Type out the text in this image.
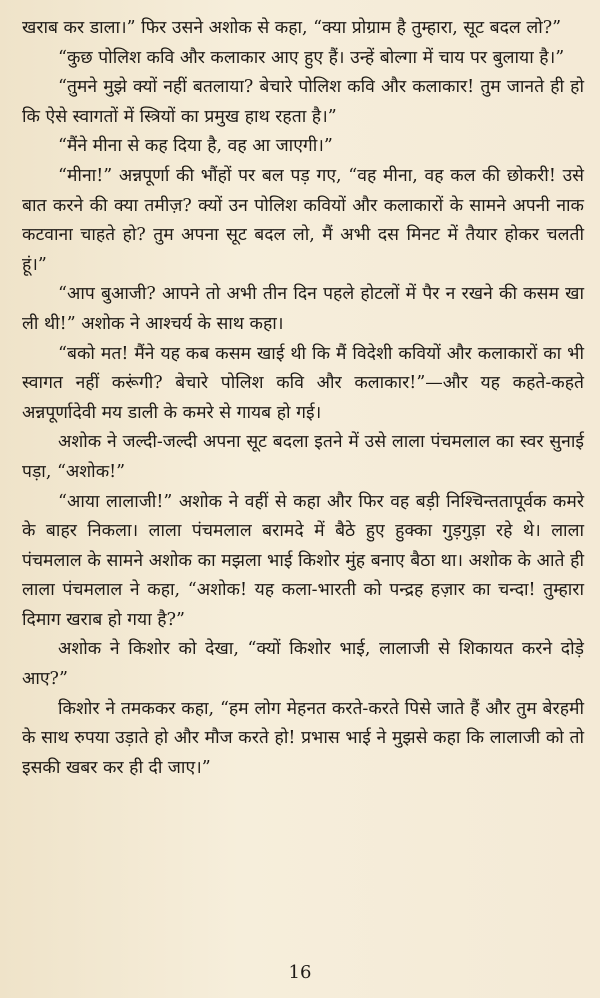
खराब कर डाला।” फिर उसने अशोक से कहा, “क्या प्रोग्राम है तुम्हारा, सूट बदल लो?”

“कुछ पोलिश कवि और कलाकार आए हुए हैं। उन्हें बोल्गा में चाय पर बुलाया है।”

“तुमने मुझे क्यों नहीं बतलाया? बेचारे पोलिश कवि और कलाकार! तुम जानते ही हो कि ऐसे स्वागतों में स्त्रियों का प्रमुख हाथ रहता है।”

“मैंने मीना से कह दिया है, वह आ जाएगी।”

“मीना!” अन्नपूर्णा की भौंहों पर बल पड़ गए, “वह मीना, वह कल की छोकरी! उसे बात करने की क्या तमीज़? क्यों उन पोलिश कवियों और कलाकारों के सामने अपनी नाक कटवाना चाहते हो? तुम अपना सूट बदल लो, मैं अभी दस मिनट में तैयार होकर चलती हूं।”

“आप बुआजी? आपने तो अभी तीन दिन पहले होटलों में पैर न रखने की कसम खा ली थी!” अशोक ने आश्चर्य के साथ कहा।

“बको मत! मैंने यह कब कसम खाई थी कि मैं विदेशी कवियों और कलाकारों का भी स्वागत नहीं करूंगी? बेचारे पोलिश कवि और कलाकार!”—और यह कहते-कहते अन्नपूर्णादेवी मय डाली के कमरे से गायब हो गई।

अशोक ने जल्दी-जल्दी अपना सूट बदला इतने में उसे लाला पंचमलाल का स्वर सुनाई पड़ा, “अशोक!”

“आया लालाजी!” अशोक ने वहीं से कहा और फिर वह बड़ी निश्चिन्ततापूर्वक कमरे के बाहर निकला। लाला पंचमलाल बरामदे में बैठे हुए हुक्का गुड़गुड़ा रहे थे। लाला पंचमलाल के सामने अशोक का मझला भाई किशोर मुंह बनाए बैठा था। अशोक के आते ही लाला पंचमलाल ने कहा, “अशोक! यह कला-भारती को पन्द्रह हज़ार का चन्दा! तुम्हारा दिमाग खराब हो गया है?”

अशोक ने किशोर को देखा, “क्यों किशोर भाई, लालाजी से शिकायत करने दोड़े आए?”

किशोर ने तमककर कहा, “हम लोग मेहनत करते-करते पिसे जाते हैं और तुम बेरहमी के साथ रुपया उड़ाते हो और मौज करते हो! प्रभास भाई ने मुझसे कहा कि लालाजी को तो इसकी खबर कर ही दी जाए।”

16
